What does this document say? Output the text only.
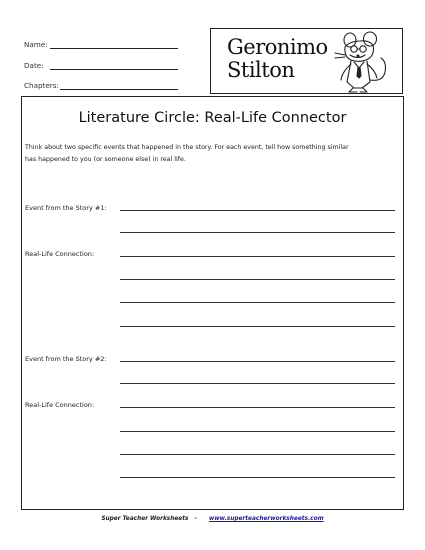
Name:
Date:
Chapters:
Geronimo
Stilton
Literature Circle: Real-Life Connector
Think about two specific events that happened in the story. For each event, tell how something similar
has happened to you (or someone else) in real life.
Event from the Story #1:
Real-Life Connection:
Event from the Story #2:
Real-Life Connection:
Super Teacher Worksheets - www.superteacherworksheets.com
